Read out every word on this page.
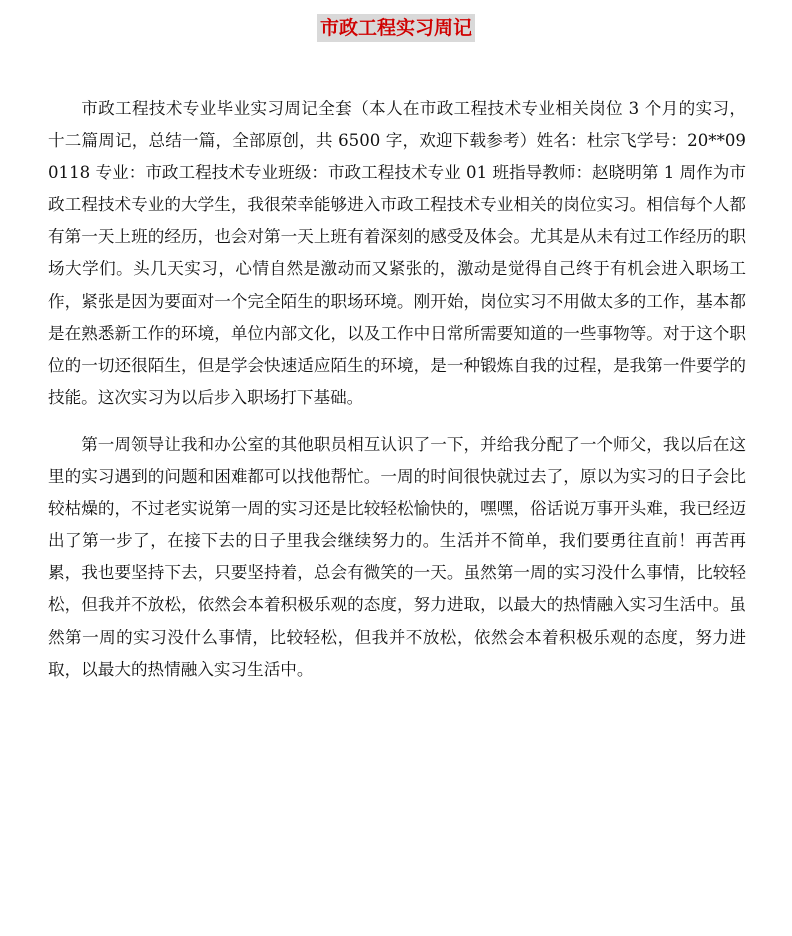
市政工程实习周记

市政工程技术专业毕业实习周记全套（本人在市政工程技术专业相关岗位 3 个月的实习，十二篇周记，总结一篇，全部原创，共 6500 字，欢迎下载参考）姓名：杜宗飞学号：20**090118 专业：市政工程技术专业班级：市政工程技术专业 01 班指导教师：赵晓明第 1 周作为市政工程技术专业的大学生，我很荣幸能够进入市政工程技术专业相关的岗位实习。相信每个人都有第一天上班的经历，也会对第一天上班有着深刻的感受及体会。尤其是从未有过工作经历的职场大学们。头几天实习，心情自然是激动而又紧张的，激动是觉得自己终于有机会进入职场工作，紧张是因为要面对一个完全陌生的职场环境。刚开始，岗位实习不用做太多的工作，基本都是在熟悉新工作的环境，单位内部文化，以及工作中日常所需要知道的一些事物等。对于这个职位的一切还很陌生，但是学会快速适应陌生的环境，是一种锻炼自我的过程，是我第一件要学的技能。这次实习为以后步入职场打下基础。

第一周领导让我和办公室的其他职员相互认识了一下，并给我分配了一个师父，我以后在这里的实习遇到的问题和困难都可以找他帮忙。一周的时间很快就过去了，原以为实习的日子会比较枯燥的，不过老实说第一周的实习还是比较轻松愉快的，嘿嘿，俗话说万事开头难，我已经迈出了第一步了，在接下去的日子里我会继续努力的。生活并不简单，我们要勇往直前！再苦再累，我也要坚持下去，只要坚持着，总会有微笑的一天。虽然第一周的实习没什么事情，比较轻松，但我并不放松，依然会本着积极乐观的态度，努力进取，以最大的热情融入实习生活中。虽然第一周的实习没什么事情，比较轻松，但我并不放松，依然会本着积极乐观的态度，努力进取，以最大的热情融入实习生活中。
